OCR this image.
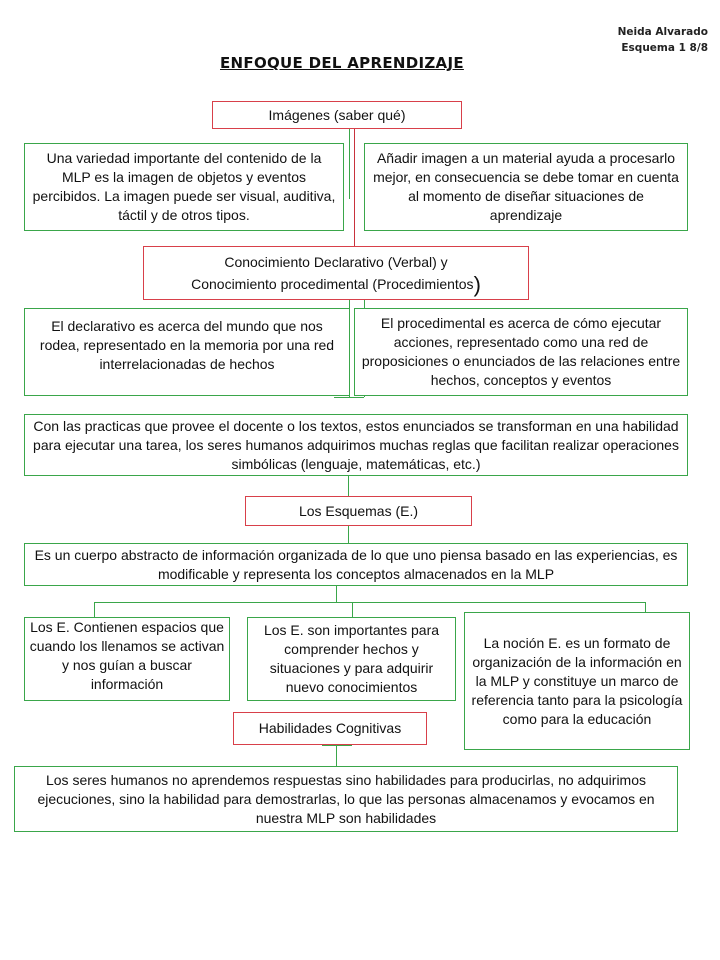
Neida Alvarado
Esquema 1 8/8
ENFOQUE DEL APRENDIZAJE
Imágenes (saber qué)
Una variedad importante del contenido de la MLP es la imagen de objetos y eventos percibidos. La imagen puede ser visual, auditiva, táctil y de otros tipos.
Añadir imagen a un material ayuda a procesarlo mejor, en consecuencia se debe tomar en cuenta al momento de diseñar situaciones de aprendizaje
Conocimiento Declarativo (Verbal) y
Conocimiento procedimental (Procedimientos)
El declarativo es acerca del mundo que nos rodea, representado en la memoria por una red interrelacionadas de hechos
El procedimental es acerca de cómo ejecutar acciones, representado como una red de proposiciones o enunciados de las relaciones entre hechos, conceptos y eventos
Con las practicas que provee el docente o los textos, estos enunciados se transforman en una habilidad para ejecutar una tarea, los seres humanos adquirimos muchas reglas que facilitan realizar operaciones simbólicas (lenguaje, matemáticas, etc.)
Los Esquemas (E.)
Es un cuerpo abstracto de información organizada de lo que uno piensa basado en las experiencias, es modificable y representa los conceptos almacenados en la MLP
Los E. Contienen espacios que cuando los llenamos se activan y nos guían a buscar información
Los E. son importantes para comprender hechos y situaciones y para adquirir nuevo conocimientos
La noción E. es un formato de organización de la información en la MLP y constituye un marco de referencia tanto para la psicología como para la educación
Habilidades Cognitivas
Los seres humanos no aprendemos respuestas sino habilidades para producirlas, no adquirimos ejecuciones, sino la habilidad para demostrarlas, lo que las personas almacenamos y evocamos en nuestra MLP son habilidades
